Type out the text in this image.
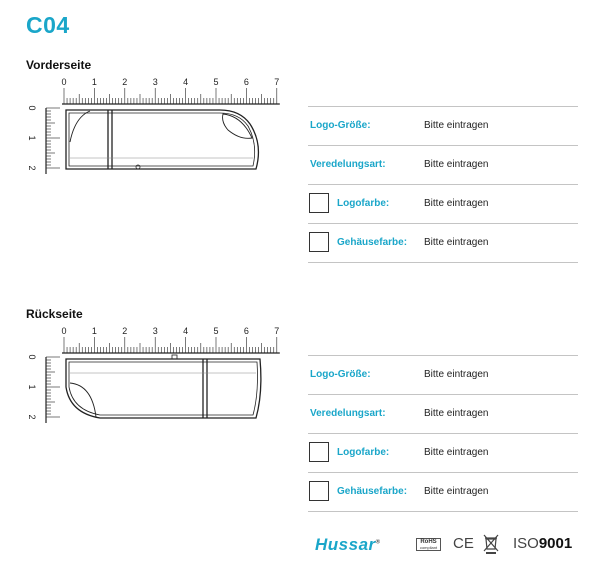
C04
Vorderseite
0	1	2	3	4	5	6	7
0
1
2
Logo-Größe:	Bitte eintragen
Veredelungsart:	Bitte eintragen
Logofarbe:	Bitte eintragen
Gehäusefarbe: Bitte eintragen
Rückseite
0	1	2	3	4	5	6	7
0
1
2
Logo-Größe:	Bitte eintragen
Veredelungsart:	Bitte eintragen
Logofarbe:	Bitte eintragen
Gehäusefarbe: Bitte eintragen
Hussar®	RoHS
compliant CE	ISO9001
